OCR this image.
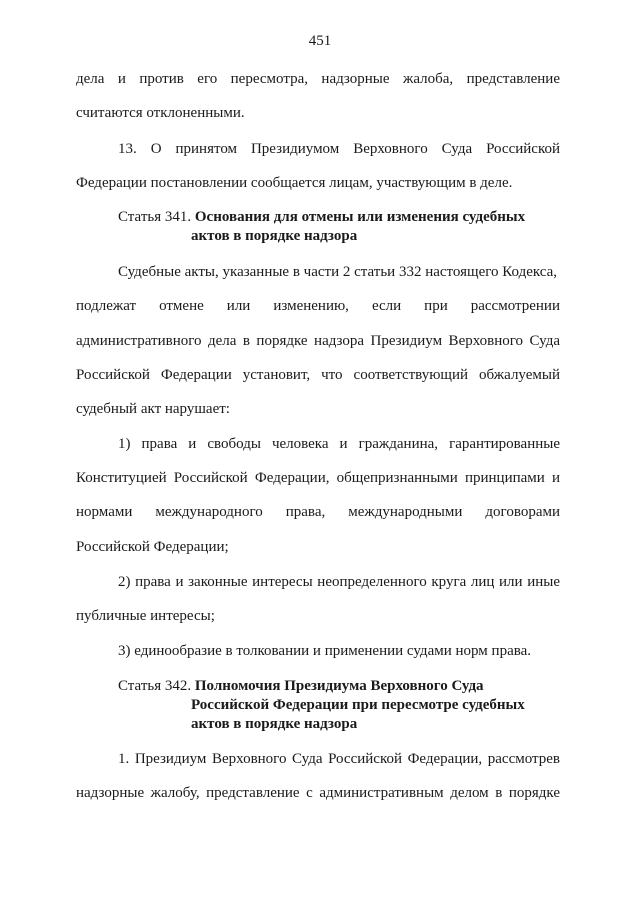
451
дела и против его пересмотра, надзорные жалоба, представление
считаются отклоненными.
13. О принятом Президиумом Верховного Суда Российской
Федерации постановлении сообщается лицам, участвующим в деле.
Статья 341. Основания для отмены или изменения судебных
актов в порядке надзора
Судебные акты, указанные в части 2 статьи 332 настоящего Кодекса,
подлежат отмене или изменению, если при рассмотрении
административного дела в порядке надзора Президиум Верховного Суда
Российской Федерации установит, что соответствующий обжалуемый
судебный акт нарушает:
1) права и свободы человека и гражданина, гарантированные
Конституцией Российской Федерации, общепризнанными принципами и
нормами международного права, международными договорами
Российской Федерации;
2) права и законные интересы неопределенного круга лиц или иные
публичные интересы;
3) единообразие в толковании и применении судами норм права.
Статья 342. Полномочия Президиума Верховного Суда
Российской Федерации при пересмотре судебных
актов в порядке надзора
1. Президиум Верховного Суда Российской Федерации, рассмотрев
надзорные жалобу, представление с административным делом в порядке
